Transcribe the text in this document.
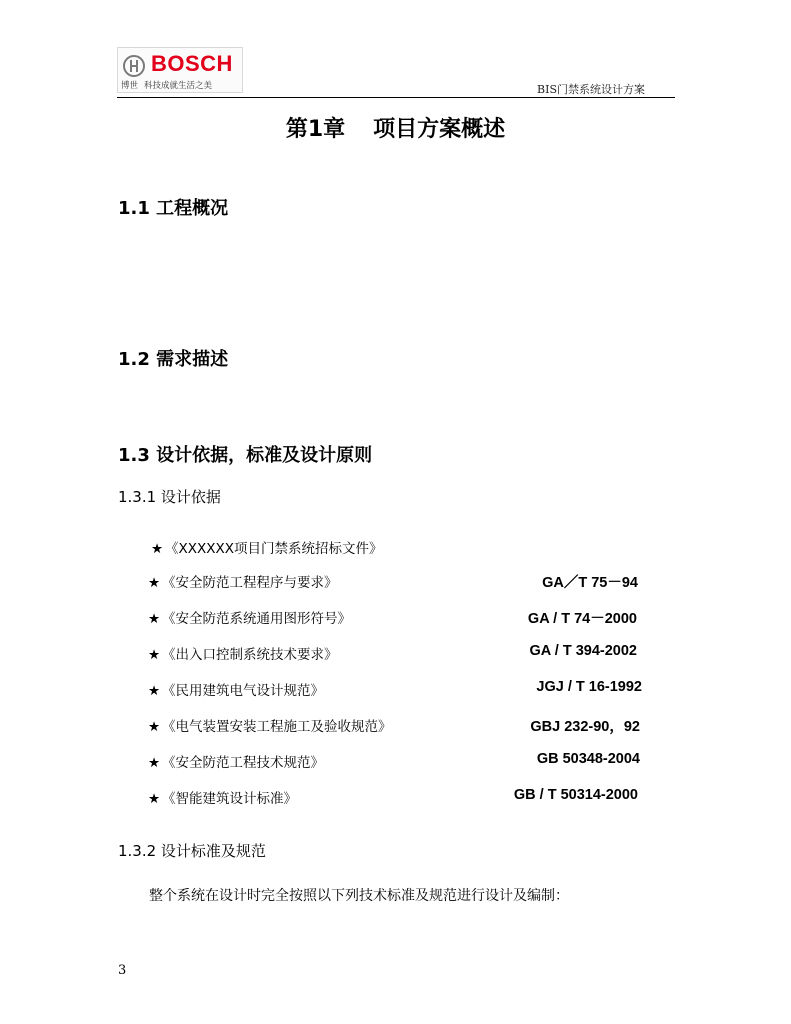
BOSCH
博世 科技成就生活之美	BIS门禁系统设计方案
第1章 项目方案概述
1.1 工程概况
1.2 需求描述
1.3 设计依据，标准及设计原则
1.3.1 设计依据
★ 《XXXXXX项目门禁系统招标文件》
★ 《安全防范工程程序与要求》	GA／T 75－94
★ 《安全防范系统通用图形符号》	GA / T 74－2000
★ 《出入口控制系统技术要求》	GA / T 394-2002
★ 《民用建筑电气设计规范》	JGJ / T 16-1992
★ 《电气装置安装工程施工及验收规范》	GBJ 232-90，92
★ 《安全防范工程技术规范》	GB 50348-2004
★ 《智能建筑设计标准》	GB / T 50314-2000
1.3.2 设计标准及规范
整个系统在设计时完全按照以下列技术标准及规范进行设计及编制：
3
